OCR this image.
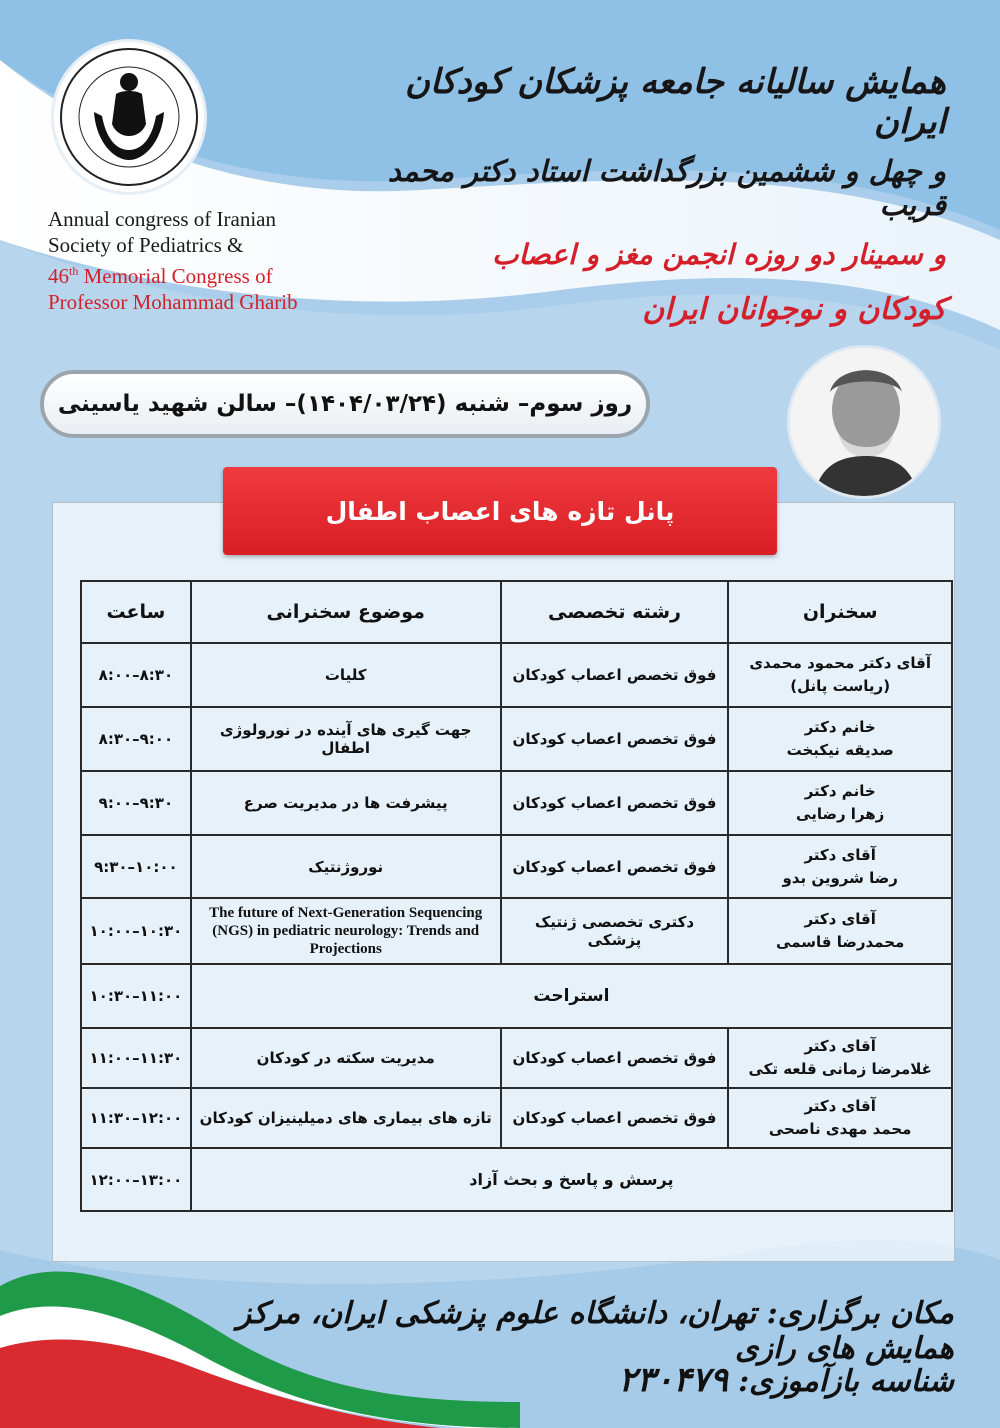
Annual congress of Iranian
Society of Pediatrics &
46th Memorial Congress of
Professor Mohammad Gharib
همایش سالیانه جامعه پزشکان کودکان ایران
و چهل و ششمین بزرگداشت استاد دکتر محمد قریب
و سمینار دو روزه انجمن مغز و اعصاب
کودکان و نوجوانان ایران
روز سوم– شنبه (۱۴۰۴/۰۳/۲۴)– سالن شهید یاسینی
پانل تازه های اعصاب اطفال
سخنران	رشته تخصصی	موضوع سخنرانی	ساعت

آقای دکتر محمود محمدی
(ریاست پانل)	فوق تخصص اعصاب کودکان	کلیات	۸:۰۰–۸:۳۰

خانم دکتر
صدیقه نیکبخت	فوق تخصص اعصاب کودکان	جهت گیری های آینده در نورولوژی اطفال	۸:۳۰–۹:۰۰

خانم دکتر
زهرا رضایی	فوق تخصص اعصاب کودکان	پیشرفت ها در مدیریت صرع	۹:۰۰–۹:۳۰

آقای دکتر
رضا شروین بدو	فوق تخصص اعصاب کودکان	نوروژنتیک	۹:۳۰–۱۰:۰۰

آقای دکتر
محمدرضا قاسمی	دکتری تخصصی ژنتیک پزشکی	The future of Next-Generation Sequencing (NGS) in pediatric neurology: Trends and Projections	۱۰:۰۰–۱۰:۳۰
استراحت			۱۰:۳۰–۱۱:۰۰

آقای دکتر
غلامرضا زمانی قلعه تکی	فوق تخصص اعصاب کودکان	مدیریت سکته در کودکان	۱۱:۰۰–۱۱:۳۰

آقای دکتر
محمد مهدی ناصحی	فوق تخصص اعصاب کودکان	تازه های بیماری های دمیلینیزان کودکان	۱۱:۳۰–۱۲:۰۰
پرسش و پاسخ و بحث آزاد			۱۲:۰۰–۱۳:۰۰
مکان برگزاری: تهران، دانشگاه علوم پزشکی ایران، مرکز همایش های رازی
شناسه بازآموزی:۲۳۰۴۷۹
